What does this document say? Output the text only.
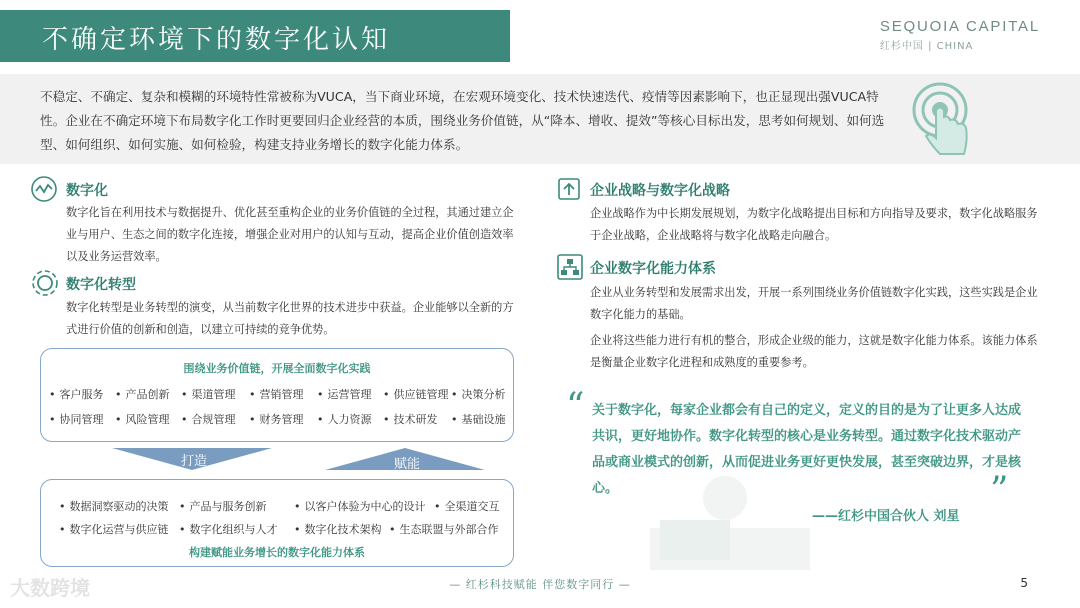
不确定环境下的数字化认知	SEQUOIA CAPITAL
红杉中国 | CHINA

不稳定、不确定、复杂和模糊的环境特性常被称为VUCA，当下商业环境，在宏观环境变化、技术快速迭代、疫情等因素影响下，也正显现出强VUCA特性。企业在不确定环境下布局数字化工作时更要回归企业经营的本质，围绕业务价值链，从“降本、增收、提效”等核心目标出发，思考如何规划、如何选型、如何组织、如何实施、如何检验，构建支持业务增长的数字化能力体系。

数字化
数字化旨在利用技术与数据提升、优化甚至重构企业的业务价值链的全过程，其通过建立企业与用户、生态之间的数字化连接，增强企业对用户的认知与互动，提高企业价值创造效率以及业务运营效率。
数字化转型
数字化转型是业务转型的演变，从当前数字化世界的技术进步中获益。企业能够以全新的方式进行价值的创新和创造，以建立可持续的竞争优势。
围绕业务价值链，开展全面数字化实践
• 客户服务	• 产品创新	• 渠道管理	• 营销管理	• 运营管理	• 供应链管理	• 决策分析
• 协同管理	• 风险管理	• 合规管理	• 财务管理	• 人力资源	• 技术研发	• 基础设施
打造	赋能
• 数据洞察驱动的决策	• 产品与服务创新	• 以客户体验为中心的设计	• 全渠道交互
• 数字化运营与供应链	• 数字化组织与人才	• 数字化技术架构	• 生态联盟与外部合作
构建赋能业务增长的数字化能力体系
企业战略与数字化战略
企业战略作为中长期发展规划，为数字化战略提出目标和方向指导及要求，数字化战略服务于企业战略，企业战略将与数字化战略走向融合。
企业数字化能力体系
企业从业务转型和发展需求出发，开展一系列围绕业务价值链数字化实践，这些实践是企业数字化能力的基础。
企业将这些能力进行有机的整合，形成企业级的能力，这就是数字化能力体系。该能力体系是衡量企业数字化进程和成熟度的重要参考。
“ 关于数字化，每家企业都会有自己的定义，定义的目的是为了让更多人达成共识，更好地协作。数字化转型的核心是业务转型。通过数字化技术驱动产品或商业模式的创新，从而促进业务更好更快发展，甚至突破边界，才是核心。	”
——红杉中国合伙人 刘星
大数跨境	— 红杉科技赋能 伴您数字同行 —	5
